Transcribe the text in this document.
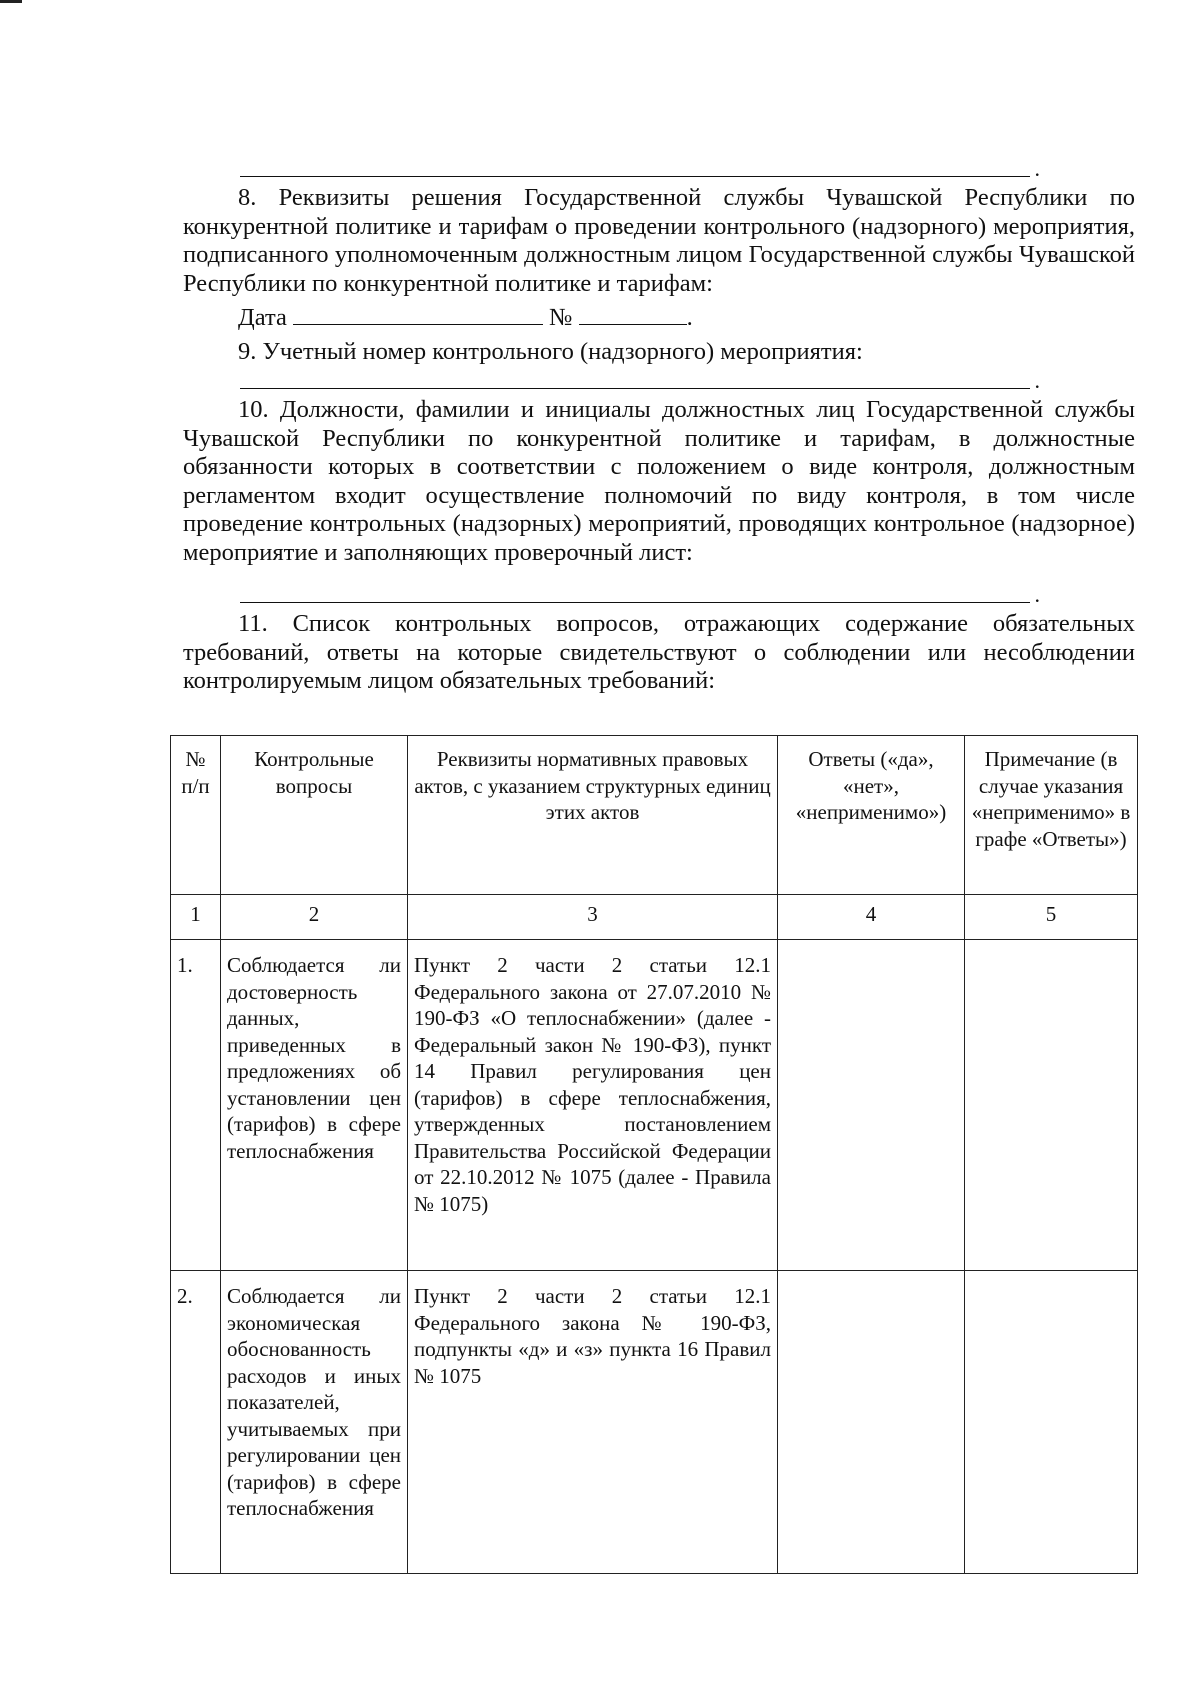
.

8. Реквизиты решения Государственной службы Чувашской Республики по конкурентной политике и тарифам о проведении контрольного (надзорного) мероприятия, подписанного уполномоченным должностным лицом Государственной службы Чувашской Республики по конкурентной политике и тарифам:

Дата	№	.

9. Учетный номер контрольного (надзорного) мероприятия:

.

10. Должности, фамилии и инициалы должностных лиц Государственной службы Чувашской Республики по конкурентной политике и тарифам, в должностные обязанности которых в соответствии с положением о виде контроля, должностным регламентом входит осуществление полномочий по виду контроля, в том числе проведение контрольных (надзорных) мероприятий, проводящих контрольное (надзорное) мероприятие и заполняющих проверочный лист:

.

11. Список контрольных вопросов, отражающих содержание обязательных требований, ответы на которые свидетельствуют о соблюдении или несоблюдении контролируемым лицом обязательных требований:

№ п/п	Контрольные вопросы	Реквизиты нормативных правовых актов, с указанием структурных единиц этих актов	Ответы («да», «нет», «неприменимо»)	Примечание (в случае указания «неприменимо» в графе «Ответы»)
1	2	3	4	5
1.	Соблюдается ли достоверность данных, приведенных в предложениях об установлении цен (тарифов) в сфере теплоснабжения	Пункт 2 части 2 статьи 12.1 Федерального закона от 27.07.2010 № 190-ФЗ «О теплоснабжении» (далее - Федеральный закон № 190-ФЗ), пункт 14 Правил регулирования цен (тарифов) в сфере теплоснабжения, утвержденных постановлением Правительства Российской Федерации от 22.10.2012 № 1075 (далее - Правила № 1075)		
2.	Соблюдается ли экономическая обоснованность расходов и иных показателей, учитываемых при регулировании цен (тарифов) в сфере теплоснабжения	Пункт 2 части 2 статьи 12.1 Федерального закона № 190-ФЗ, подпункты «д» и «з» пункта 16 Правил № 1075		
